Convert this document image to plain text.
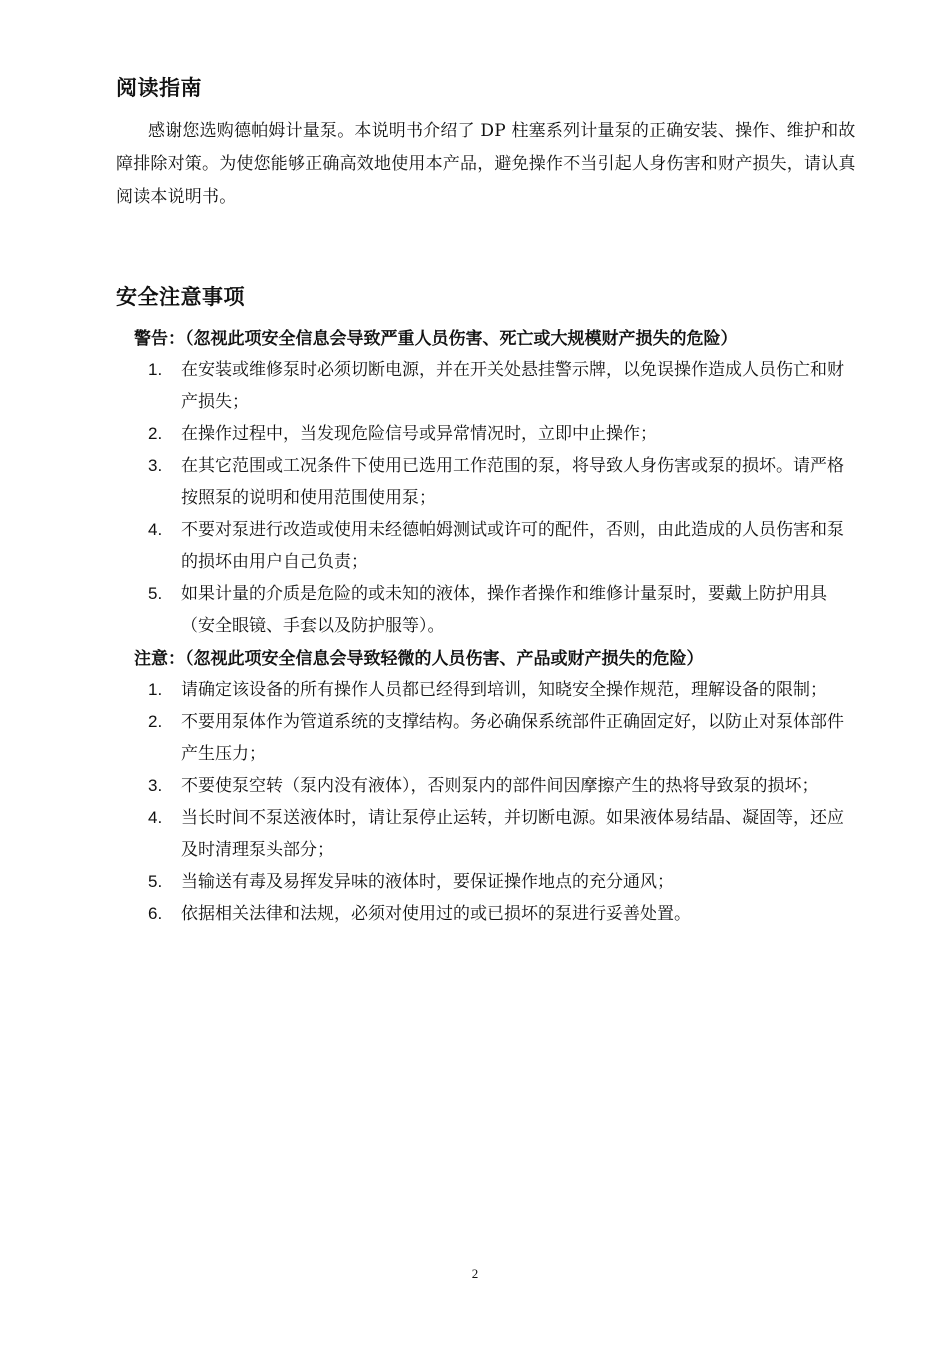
阅读指南

感谢您选购德帕姆计量泵。本说明书介绍了 DP 柱塞系列计量泵的正确安装、操作、维护和故障排除对策。为使您能够正确高效地使用本产品，避免操作不当引起人身伤害和财产损失，请认真阅读本说明书。

安全注意事项

警告：（忽视此项安全信息会导致严重人员伤害、死亡或大规模财产损失的危险）

1. 在安装或维修泵时必须切断电源，并在开关处悬挂警示牌，以免误操作造成人员伤亡和财产损失；
2. 在操作过程中，当发现危险信号或异常情况时，立即中止操作；
3. 在其它范围或工况条件下使用已选用工作范围的泵，将导致人身伤害或泵的损坏。请严格按照泵的说明和使用范围使用泵；
4. 不要对泵进行改造或使用未经德帕姆测试或许可的配件，否则，由此造成的人员伤害和泵的损坏由用户自己负责；
5. 如果计量的介质是危险的或未知的液体，操作者操作和维修计量泵时，要戴上防护用具（安全眼镜、手套以及防护服等）。

注意：（忽视此项安全信息会导致轻微的人员伤害、产品或财产损失的危险）

1. 请确定该设备的所有操作人员都已经得到培训，知晓安全操作规范，理解设备的限制；
2. 不要用泵体作为管道系统的支撑结构。务必确保系统部件正确固定好，以防止对泵体部件产生压力；
3. 不要使泵空转（泵内没有液体），否则泵内的部件间因摩擦产生的热将导致泵的损坏；
4. 当长时间不泵送液体时，请让泵停止运转，并切断电源。如果液体易结晶、凝固等，还应及时清理泵头部分；
5. 当输送有毒及易挥发异味的液体时，要保证操作地点的充分通风；
6. 依据相关法律和法规，必须对使用过的或已损坏的泵进行妥善处置。
2
